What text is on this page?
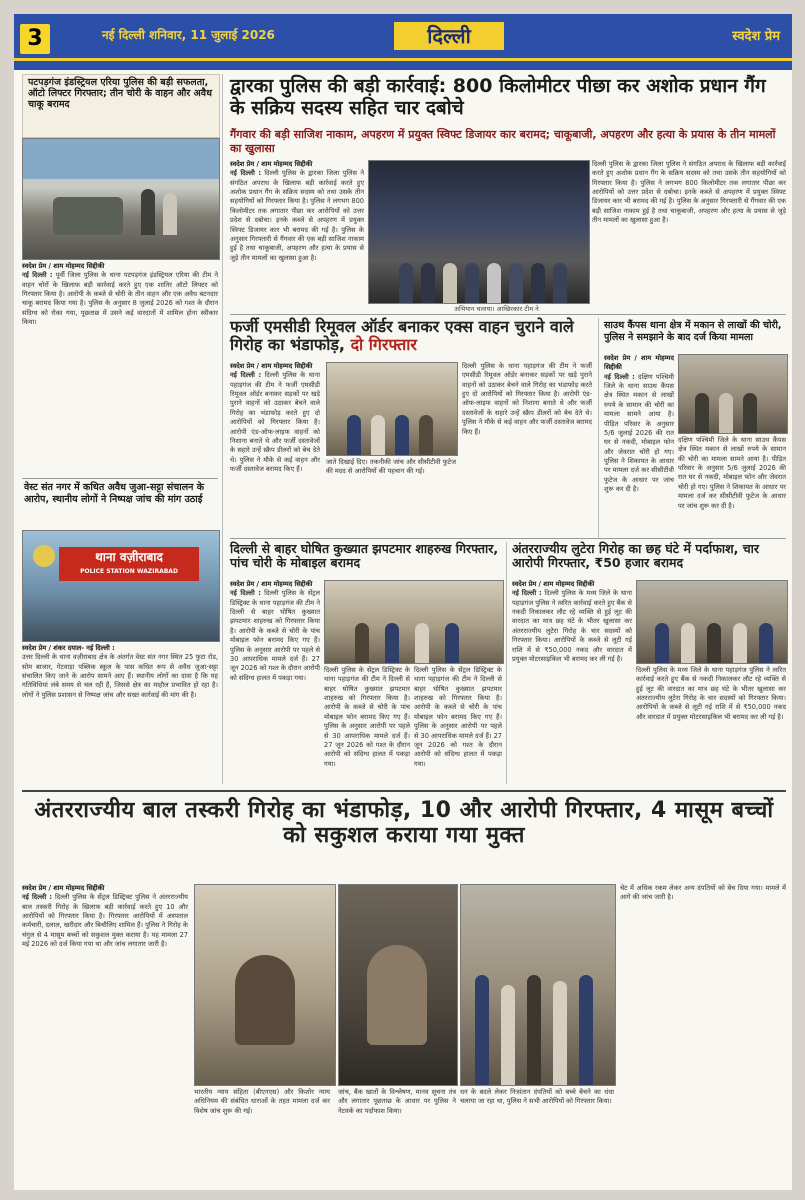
3	नई दिल्ली शनिवार, 11 जुलाई 2026	दिल्ली	स्वदेश प्रेम
पटपड़गंज इंडस्ट्रियल एरिया पुलिस की बड़ी सफलता, ऑटो लिफ्टर गिरफ्तार; तीन चोरी के वाहन और अवैध चाकू बरामद
स्वदेश प्रेम / शाम मोहम्मद सिद्दीकी
नई दिल्ली : पूर्वी जिला पुलिस के थाना पटपड़गंज इंडस्ट्रियल एरिया की टीम ने वाहन चोरों के खिलाफ बड़ी कार्रवाई करते हुए एक शातिर ऑटो लिफ्टर को गिरफ्तार किया है। आरोपी के कब्जे से चोरी के तीन वाहन और एक अवैध बटनदार चाकू बरामद किया गया है। पुलिस के अनुसार 8 जुलाई 2026 को गश्त के दौरान संदिग्ध को रोका गया, पूछताछ में उसने कई वारदातों में शामिल होना स्वीकार किया।
वेस्ट संत नगर में कथित अवैध जुआ-सट्टा संचालन के आरोप, स्थानीय लोगों ने निष्पक्ष जांच की मांग उठाई
थाना वज़ीराबाद
POLICE STATION WAZIRABAD
स्वदेश प्रेम / शंकर दयाल- नई दिल्ली :
उत्तर दिल्ली के थाना वज़ीराबाद क्षेत्र के अंतर्गत वेस्ट संत नगर स्थित 25 फुटा रोड, सोम बाजार, गेटवाड़ा पब्लिक स्कूल के पास कथित रूप से अवैध जुआ-सट्टा संचालित किए जाने के आरोप सामने आए हैं। स्थानीय लोगों का दावा है कि यह गतिविधियां लंबे समय से चल रही हैं, जिससे क्षेत्र का माहौल प्रभावित हो रहा है। लोगों ने पुलिस प्रशासन से निष्पक्ष जांच और सख्त कार्रवाई की मांग की है।
द्वारका पुलिस की बड़ी कार्रवाई: 800 किलोमीटर पीछा कर अशोक प्रधान गैंग के सक्रिय सदस्य सहित चार दबोचे
गैंगवार की बड़ी साजिश नाकाम, अपहरण में प्रयुक्त स्विफ्ट डिजायर कार बरामद; चाकूबाजी, अपहरण और हत्या के प्रयास के तीन मामलों का खुलासा
स्वदेश प्रेम / शाम मोहम्मद सिद्दीकी
नई दिल्ली : दिल्ली पुलिस के द्वारका जिला पुलिस ने संगठित अपराध के खिलाफ बड़ी कार्रवाई करते हुए अशोक प्रधान गैंग के सक्रिय सदस्य को तथा उसके तीन सहयोगियों को गिरफ्तार किया है। पुलिस ने लगभग 800 किलोमीटर तक लगातार पीछा कर आरोपियों को उत्तर प्रदेश से दबोचा। इनके कब्जे से अपहरण में प्रयुक्त स्विफ्ट डिजायर कार भी बरामद की गई है। पुलिस के अनुसार गिरफ्तारी से गैंगवार की एक बड़ी साजिश नाकाम हुई है तथा चाकूबाजी, अपहरण और हत्या के प्रयास से जुड़े तीन मामलों का खुलासा हुआ है।
अभियान चलाया। आखिरकार टीम ने
दिल्ली पुलिस के द्वारका जिला पुलिस ने संगठित अपराध के खिलाफ बड़ी कार्रवाई करते हुए अशोक प्रधान गैंग के सक्रिय सदस्य को तथा उसके तीन सहयोगियों को गिरफ्तार किया है। पुलिस ने लगभग 800 किलोमीटर तक लगातार पीछा कर आरोपियों को उत्तर प्रदेश से दबोचा। इनके कब्जे से अपहरण में प्रयुक्त स्विफ्ट डिजायर कार भी बरामद की गई है। पुलिस के अनुसार गिरफ्तारी से गैंगवार की एक बड़ी साजिश नाकाम हुई है तथा चाकूबाजी, अपहरण और हत्या के प्रयास से जुड़े तीन मामलों का खुलासा हुआ है।
फर्जी एमसीडी रिमूवल ऑर्डर बनाकर एक्स वाहन चुराने वाले गिरोह का भंडाफोड़, दो गिरफ्तार
स्वदेश प्रेम / शाम मोहम्मद सिद्दीकी
नई दिल्ली : दिल्ली पुलिस के थाना पहाड़गंज की टीम ने फर्जी एमसीडी रिमूवल ऑर्डर बनाकर सड़कों पर खड़े पुराने वाहनों को उठाकर बेचने वाले गिरोह का भंडाफोड़ करते हुए दो आरोपियों को गिरफ्तार किया है। आरोपी एंड-ऑफ-लाइफ वाहनों को निशाना बनाते थे और फर्जी दस्तावेजों के सहारे उन्हें स्क्रैप डीलरों को बेच देते थे। पुलिस ने मौके से कई वाहन और फर्जी दस्तावेज बरामद किए हैं।
जाते दिखाई दिए। तकनीकी जांच और सीसीटीवी फुटेज की मदद से आरोपियों की पहचान की गई।
दिल्ली पुलिस के थाना पहाड़गंज की टीम ने फर्जी एमसीडी रिमूवल ऑर्डर बनाकर सड़कों पर खड़े पुराने वाहनों को उठाकर बेचने वाले गिरोह का भंडाफोड़ करते हुए दो आरोपियों को गिरफ्तार किया है। आरोपी एंड-ऑफ-लाइफ वाहनों को निशाना बनाते थे और फर्जी दस्तावेजों के सहारे उन्हें स्क्रैप डीलरों को बेच देते थे। पुलिस ने मौके से कई वाहन और फर्जी दस्तावेज बरामद किए हैं।
साउथ कैंपस थाना क्षेत्र में मकान से लाखों की चोरी, पुलिस ने समझाने के बाद दर्ज किया मामला
स्वदेश प्रेम / शाम मोहम्मद सिद्दीकी
नई दिल्ली : दक्षिण पश्चिमी जिले के थाना साउथ कैंपस क्षेत्र स्थित मकान से लाखों रुपये के सामान की चोरी का मामला सामने आया है। पीड़ित परिवार के अनुसार 5/6 जुलाई 2026 की रात घर से नकदी, मोबाइल फोन और जेवरात चोरी हो गए। पुलिस ने शिकायत के आधार पर मामला दर्ज कर सीसीटीवी फुटेज के आधार पर जांच शुरू कर दी है।
दक्षिण पश्चिमी जिले के थाना साउथ कैंपस क्षेत्र स्थित मकान से लाखों रुपये के सामान की चोरी का मामला सामने आया है। पीड़ित परिवार के अनुसार 5/6 जुलाई 2026 की रात घर से नकदी, मोबाइल फोन और जेवरात चोरी हो गए। पुलिस ने शिकायत के आधार पर मामला दर्ज कर सीसीटीवी फुटेज के आधार पर जांच शुरू कर दी है।
दिल्ली से बाहर घोषित कुख्यात झपटमार शाहरुख गिरफ्तार, पांच चोरी के मोबाइल बरामद
स्वदेश प्रेम / शाम मोहम्मद सिद्दीकी
नई दिल्ली : दिल्ली पुलिस के सेंट्रल डिस्ट्रिक्ट के थाना पहाड़गंज की टीम ने दिल्ली से बाहर घोषित कुख्यात झपटमार शाहरुख को गिरफ्तार किया है। आरोपी के कब्जे से चोरी के पांच मोबाइल फोन बरामद किए गए हैं। पुलिस के अनुसार आरोपी पर पहले से 30 आपराधिक मामले दर्ज हैं। 27 जून 2026 को गश्त के दौरान आरोपी को संदिग्ध हालत में पकड़ा गया।
दिल्ली पुलिस के सेंट्रल डिस्ट्रिक्ट के थाना पहाड़गंज की टीम ने दिल्ली से बाहर घोषित कुख्यात झपटमार शाहरुख को गिरफ्तार किया है। आरोपी के कब्जे से चोरी के पांच मोबाइल फोन बरामद किए गए हैं। पुलिस के अनुसार आरोपी पर पहले से 30 आपराधिक मामले दर्ज हैं। 27 जून 2026 को गश्त के दौरान आरोपी को संदिग्ध हालत में पकड़ा गया।
दिल्ली पुलिस के सेंट्रल डिस्ट्रिक्ट के थाना पहाड़गंज की टीम ने दिल्ली से बाहर घोषित कुख्यात झपटमार शाहरुख को गिरफ्तार किया है। आरोपी के कब्जे से चोरी के पांच मोबाइल फोन बरामद किए गए हैं। पुलिस के अनुसार आरोपी पर पहले से 30 आपराधिक मामले दर्ज हैं। 27 जून 2026 को गश्त के दौरान आरोपी को संदिग्ध हालत में पकड़ा गया।
अंतरराज्यीय लुटेरा गिरोह का छह घंटे में पर्दाफाश, चार आरोपी गिरफ्तार, ₹50 हजार बरामद
स्वदेश प्रेम / शाम मोहम्मद सिद्दीकी
नई दिल्ली : दिल्ली पुलिस के मध्य जिले के थाना पहाड़गंज पुलिस ने त्वरित कार्रवाई करते हुए बैंक से नकदी निकालकर लौट रहे व्यक्ति से हुई लूट की वारदात का मात्र छह घंटे के भीतर खुलासा कर अंतरराज्यीय लुटेरा गिरोह के चार सदस्यों को गिरफ्तार किया। आरोपियों के कब्जे से लूटी गई राशि में से ₹50,000 नकद और वारदात में प्रयुक्त मोटरसाइकिल भी बरामद कर ली गई है।
दिल्ली पुलिस के मध्य जिले के थाना पहाड़गंज पुलिस ने त्वरित कार्रवाई करते हुए बैंक से नकदी निकालकर लौट रहे व्यक्ति से हुई लूट की वारदात का मात्र छह घंटे के भीतर खुलासा कर अंतरराज्यीय लुटेरा गिरोह के चार सदस्यों को गिरफ्तार किया। आरोपियों के कब्जे से लूटी गई राशि में से ₹50,000 नकद और वारदात में प्रयुक्त मोटरसाइकिल भी बरामद कर ली गई है।
अंतरराज्यीय बाल तस्करी गिरोह का भंडाफोड़, 10 और आरोपी गिरफ्तार, 4 मासूम बच्चों को सकुशल कराया गया मुक्त
स्वदेश प्रेम / शाम मोहम्मद सिद्दीकी
नई दिल्ली : दिल्ली पुलिस के सेंट्रल डिस्ट्रिक्ट पुलिस ने अंतरराज्यीय बाल तस्करी गिरोह के खिलाफ बड़ी कार्रवाई करते हुए 10 और आरोपियों को गिरफ्तार किया है। गिरफ्तार आरोपियों में अस्पताल कर्मचारी, दलाल, खरीदार और बिचौलिए शामिल हैं। पुलिस ने गिरोह के चंगुल से 4 मासूम बच्चों को सकुशल मुक्त कराया है। यह मामला 27 मई 2026 को दर्ज किया गया था और जांच लगातार जारी है।
भारतीय न्याय संहिता (बीएनएस) और किशोर न्याय अधिनियम की संबंधित धाराओं के तहत मामला दर्ज कर विशेष जांच शुरू की गई।
जांच, बैंक खातों के विश्लेषण, मानव सूचना तंत्र और लगातार पूछताछ के आधार पर पुलिस ने नेटवर्क का पर्दाफाश किया।
धन के बदले लेकर निःसंतान दंपतियों को बच्चे बेचने का धंधा चलाया जा रहा था, पुलिस ने सभी आरोपियों को गिरफ्तार किया।
चेट में अधिक रकम लेकर अन्य दंपतियों को बेच दिया गया। मामले में आगे की जांच जारी है।
